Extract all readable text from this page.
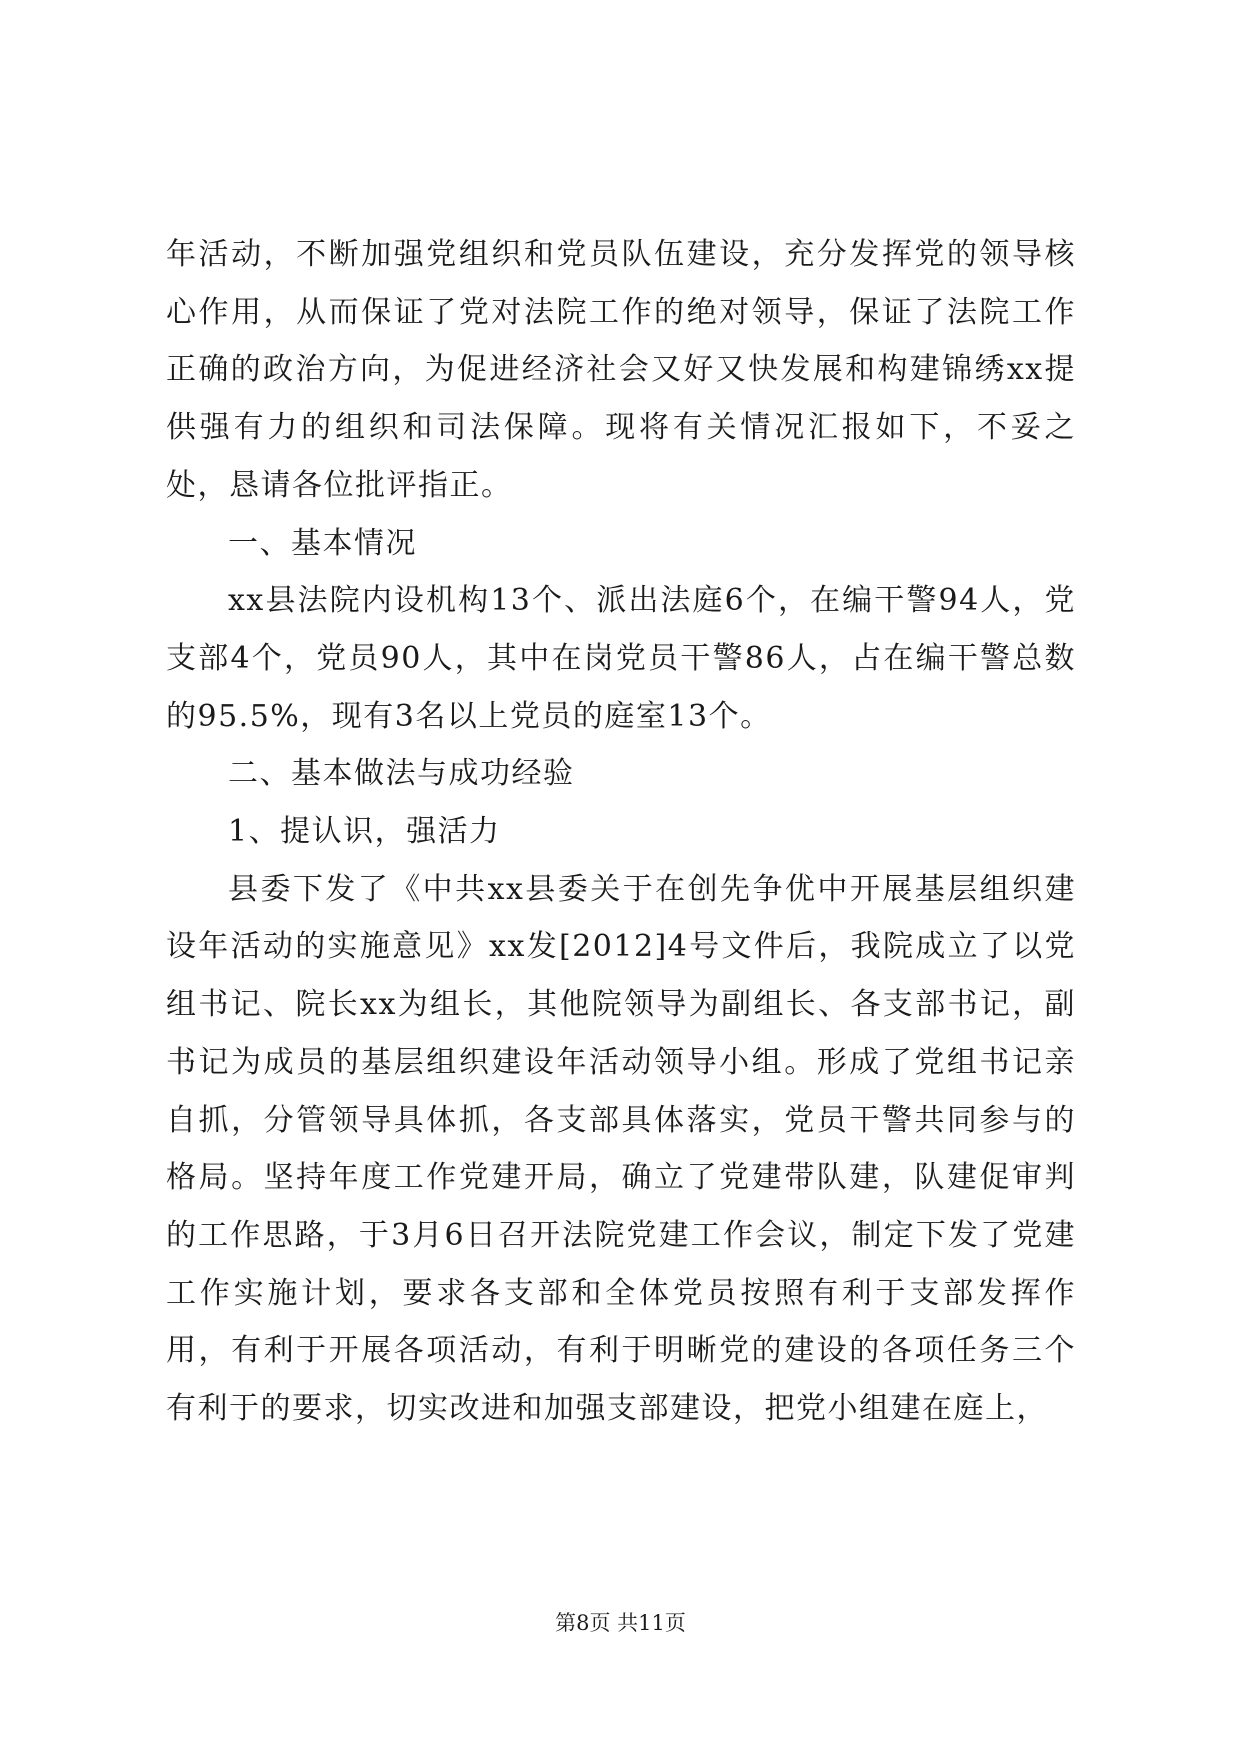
年活动，不断加强党组织和党员队伍建设，充分发挥党的领导核心作用，从而保证了党对法院工作的绝对领导，保证了法院工作正确的政治方向，为促进经济社会又好又快发展和构建锦绣xx提供强有力的组织和司法保障。现将有关情况汇报如下，不妥之处，恳请各位批评指正。

一、基本情况

xx县法院内设机构13个、派出法庭6个，在编干警94人，党支部4个，党员90人，其中在岗党员干警86人，占在编干警总数的95.5%，现有3名以上党员的庭室13个。

二、基本做法与成功经验

1、提认识，强活力

县委下发了《中共xx县委关于在创先争优中开展基层组织建设年活动的实施意见》xx发[2012]4号文件后，我院成立了以党组书记、院长xx为组长，其他院领导为副组长、各支部书记，副书记为成员的基层组织建设年活动领导小组。形成了党组书记亲自抓，分管领导具体抓，各支部具体落实，党员干警共同参与的格局。坚持年度工作党建开局，确立了党建带队建，队建促审判的工作思路，于3月6日召开法院党建工作会议，制定下发了党建工作实施计划，要求各支部和全体党员按照有利于支部发挥作用，有利于开展各项活动，有利于明晰党的建设的各项任务三个有利于的要求，切实改进和加强支部建设，把党小组建在庭上，

第8页 共11页
